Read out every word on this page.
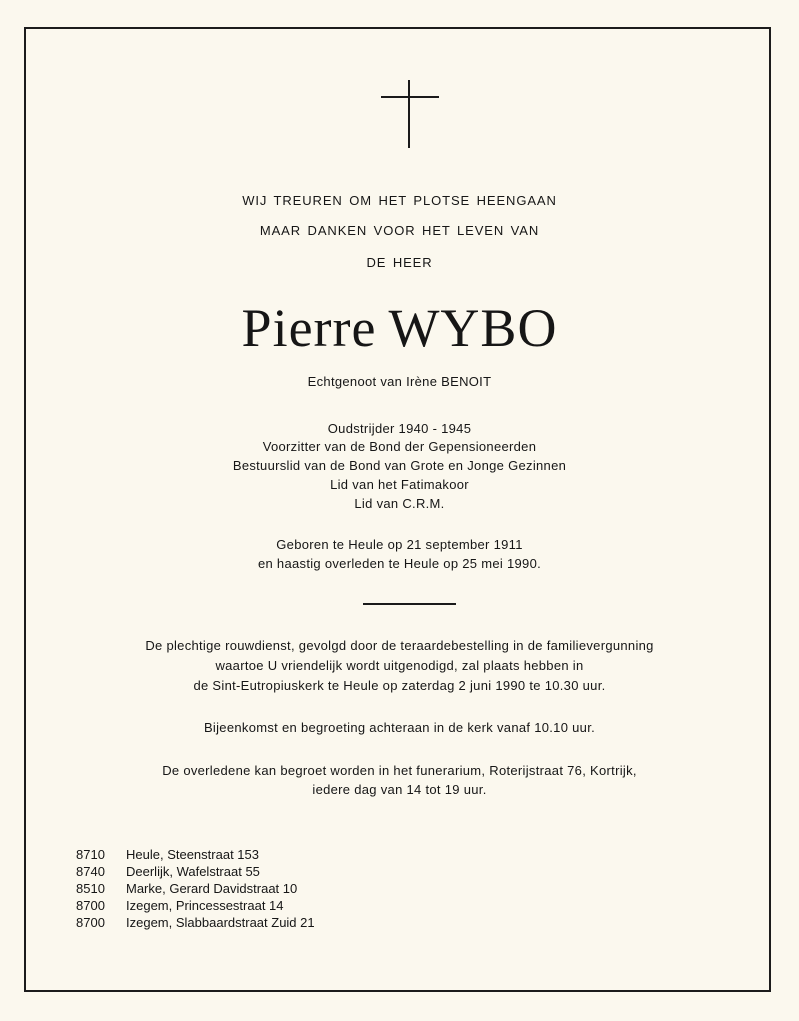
WIJ TREUREN OM HET PLOTSE HEENGAAN
MAAR DANKEN VOOR HET LEVEN VAN
DE HEER
Pierre WYBO
Echtgenoot van Irène BENOIT
Oudstrijder 1940 - 1945
Voorzitter van de Bond der Gepensioneerden
Bestuurslid van de Bond van Grote en Jonge Gezinnen
Lid van het Fatimakoor
Lid van C.R.M.
Geboren te Heule op 21 september 1911
en haastig overleden te Heule op 25 mei 1990.
De plechtige rouwdienst, gevolgd door de teraardebestelling in de familievergunning
waartoe U vriendelijk wordt uitgenodigd, zal plaats hebben in
de Sint-Eutropiuskerk te Heule op zaterdag 2 juni 1990 te 10.30 uur.
Bijeenkomst en begroeting achteraan in de kerk vanaf 10.10 uur.
De overledene kan begroet worden in het funerarium, Roterijstraat 76, Kortrijk,
iedere dag van 14 tot 19 uur.
8710 Heule, Steenstraat 153
8740 Deerlijk, Wafelstraat 55
8510 Marke, Gerard Davidstraat 10
8700 Izegem, Princessestraat 14
8700 Izegem, Slabbaardstraat Zuid 21
